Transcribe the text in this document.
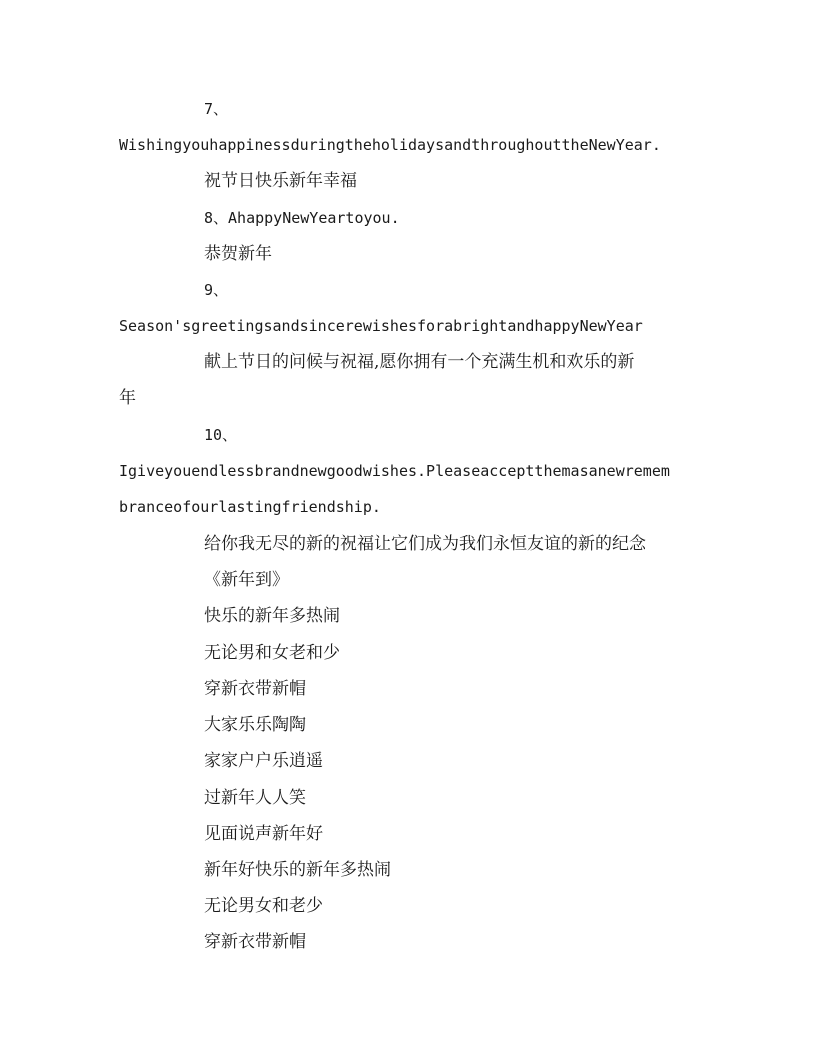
7、

WishingyouhappinessduringtheholidaysandthroughouttheNewYear.

祝节日快乐新年幸福

8、AhappyNewYeartoyou.

恭贺新年

9、

Season'sgreetingsandsincerewishesforabrightandhappyNewYear

献上节日的问候与祝福,愿你拥有一个充满生机和欢乐的新

年

10、

Igiveyouendlessbrandnewgoodwishes.Pleaseacceptthemasanewremem

branceofourlastingfriendship.

给你我无尽的新的祝福让它们成为我们永恒友谊的新的纪念

《新年到》

快乐的新年多热闹

无论男和女老和少

穿新衣带新帽

大家乐乐陶陶

家家户户乐逍遥

过新年人人笑

见面说声新年好

新年好快乐的新年多热闹

无论男女和老少

穿新衣带新帽
